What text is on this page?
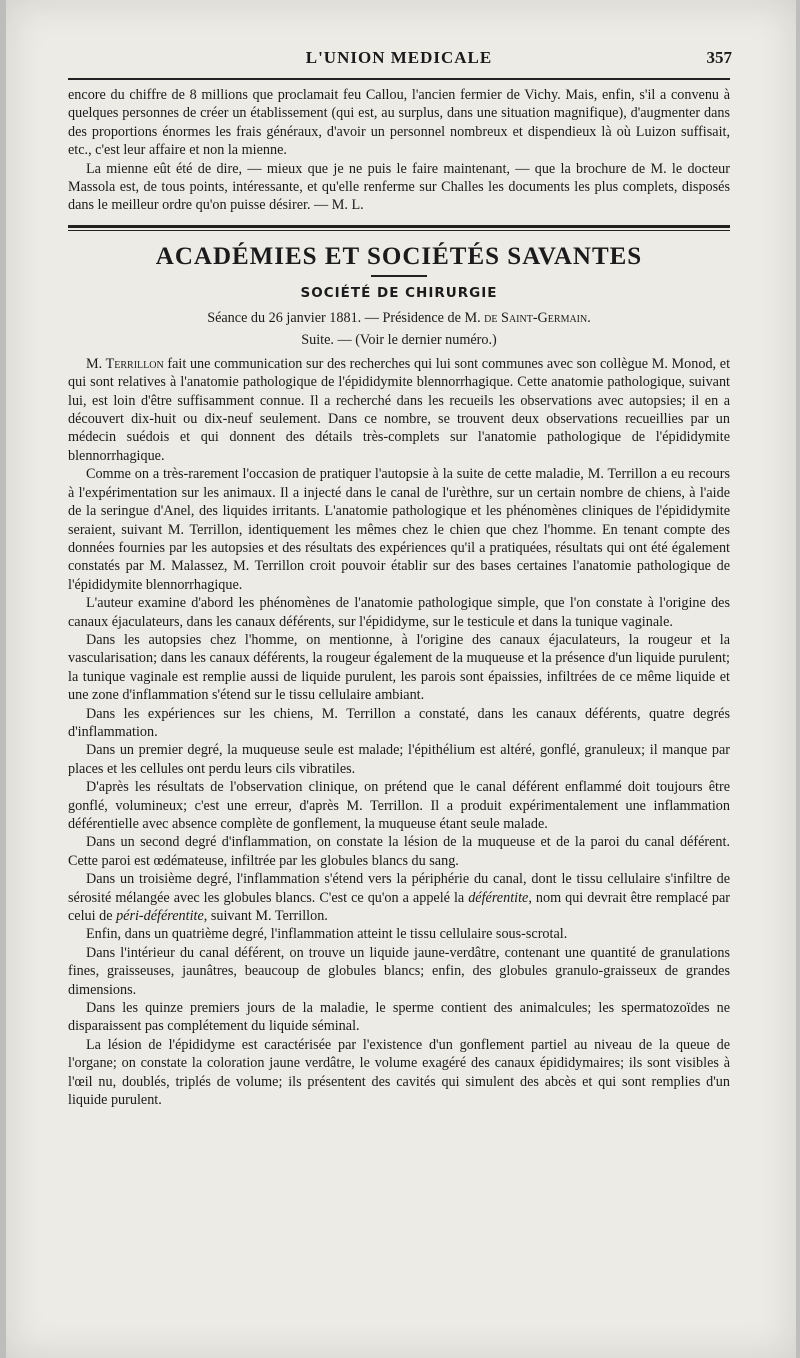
L'UNION MEDICALE	357

encore du chiffre de 8 millions que proclamait feu Callou, l'ancien fermier de Vichy. Mais, enfin, s'il a convenu à quelques personnes de créer un établissement (qui est, au surplus, dans une situation magnifique), d'augmenter dans des proportions énormes les frais généraux, d'avoir un personnel nombreux et dispendieux là où Luizon suffisait, etc., c'est leur affaire et non la mienne.

La mienne eût été de dire, — mieux que je ne puis le faire maintenant, — que la brochure de M. le docteur Massola est, de tous points, intéressante, et qu'elle renferme sur Challes les documents les plus complets, disposés dans le meilleur ordre qu'on puisse désirer. — M. L.

ACADÉMIES ET SOCIÉTÉS SAVANTES
SOCIÉTÉ DE CHIRURGIE
Séance du 26 janvier 1881. — Présidence de M. de Saint-Germain.
Suite. — (Voir le dernier numéro.)

M. Terrillon fait une communication sur des recherches qui lui sont communes avec son collègue M. Monod, et qui sont relatives à l'anatomie pathologique de l'épididymite blennorrhagique. Cette anatomie pathologique, suivant lui, est loin d'être suffisamment connue. Il a recherché dans les recueils les observations avec autopsies; il en a découvert dix-huit ou dix-neuf seulement. Dans ce nombre, se trouvent deux observations recueillies par un médecin suédois et qui donnent des détails très-complets sur l'anatomie pathologique de l'épididymite blennorrhagique.

Comme on a très-rarement l'occasion de pratiquer l'autopsie à la suite de cette maladie, M. Terrillon a eu recours à l'expérimentation sur les animaux. Il a injecté dans le canal de l'urèthre, sur un certain nombre de chiens, à l'aide de la seringue d'Anel, des liquides irritants. L'anatomie pathologique et les phénomènes cliniques de l'épididymite seraient, suivant M. Terrillon, identiquement les mêmes chez le chien que chez l'homme. En tenant compte des données fournies par les autopsies et des résultats des expériences qu'il a pratiquées, résultats qui ont été également constatés par M. Malassez, M. Terrillon croit pouvoir établir sur des bases certaines l'anatomie pathologique de l'épididymite blennorrhagique.

L'auteur examine d'abord les phénomènes de l'anatomie pathologique simple, que l'on constate à l'origine des canaux éjaculateurs, dans les canaux déférents, sur l'épididyme, sur le testicule et dans la tunique vaginale.

Dans les autopsies chez l'homme, on mentionne, à l'origine des canaux éjaculateurs, la rougeur et la vascularisation; dans les canaux déférents, la rougeur également de la muqueuse et la présence d'un liquide purulent; la tunique vaginale est remplie aussi de liquide purulent, les parois sont épaissies, infiltrées de ce même liquide et une zone d'inflammation s'étend sur le tissu cellulaire ambiant.

Dans les expériences sur les chiens, M. Terrillon a constaté, dans les canaux déférents, quatre degrés d'inflammation.

Dans un premier degré, la muqueuse seule est malade; l'épithélium est altéré, gonflé, granuleux; il manque par places et les cellules ont perdu leurs cils vibratiles.

D'après les résultats de l'observation clinique, on prétend que le canal déférent enflammé doit toujours être gonflé, volumineux; c'est une erreur, d'après M. Terrillon. Il a produit expérimentalement une inflammation déférentielle avec absence complète de gonflement, la muqueuse étant seule malade.

Dans un second degré d'inflammation, on constate la lésion de la muqueuse et de la paroi du canal déférent. Cette paroi est œdémateuse, infiltrée par les globules blancs du sang.

Dans un troisième degré, l'inflammation s'étend vers la périphérie du canal, dont le tissu cellulaire s'infiltre de sérosité mélangée avec les globules blancs. C'est ce qu'on a appelé la déférentite, nom qui devrait être remplacé par celui de péri-déférentite, suivant M. Terrillon.

Enfin, dans un quatrième degré, l'inflammation atteint le tissu cellulaire sous-scrotal.

Dans l'intérieur du canal déférent, on trouve un liquide jaune-verdâtre, contenant une quantité de granulations fines, graisseuses, jaunâtres, beaucoup de globules blancs; enfin, des globules granulo-graisseux de grandes dimensions.

Dans les quinze premiers jours de la maladie, le sperme contient des animalcules; les spermatozoïdes ne disparaissent pas complétement du liquide séminal.

La lésion de l'épididyme est caractérisée par l'existence d'un gonflement partiel au niveau de la queue de l'organe; on constate la coloration jaune verdâtre, le volume exagéré des canaux épididymaires; ils sont visibles à l'œil nu, doublés, triplés de volume; ils présentent des cavités qui simulent des abcès et qui sont remplies d'un liquide purulent.
